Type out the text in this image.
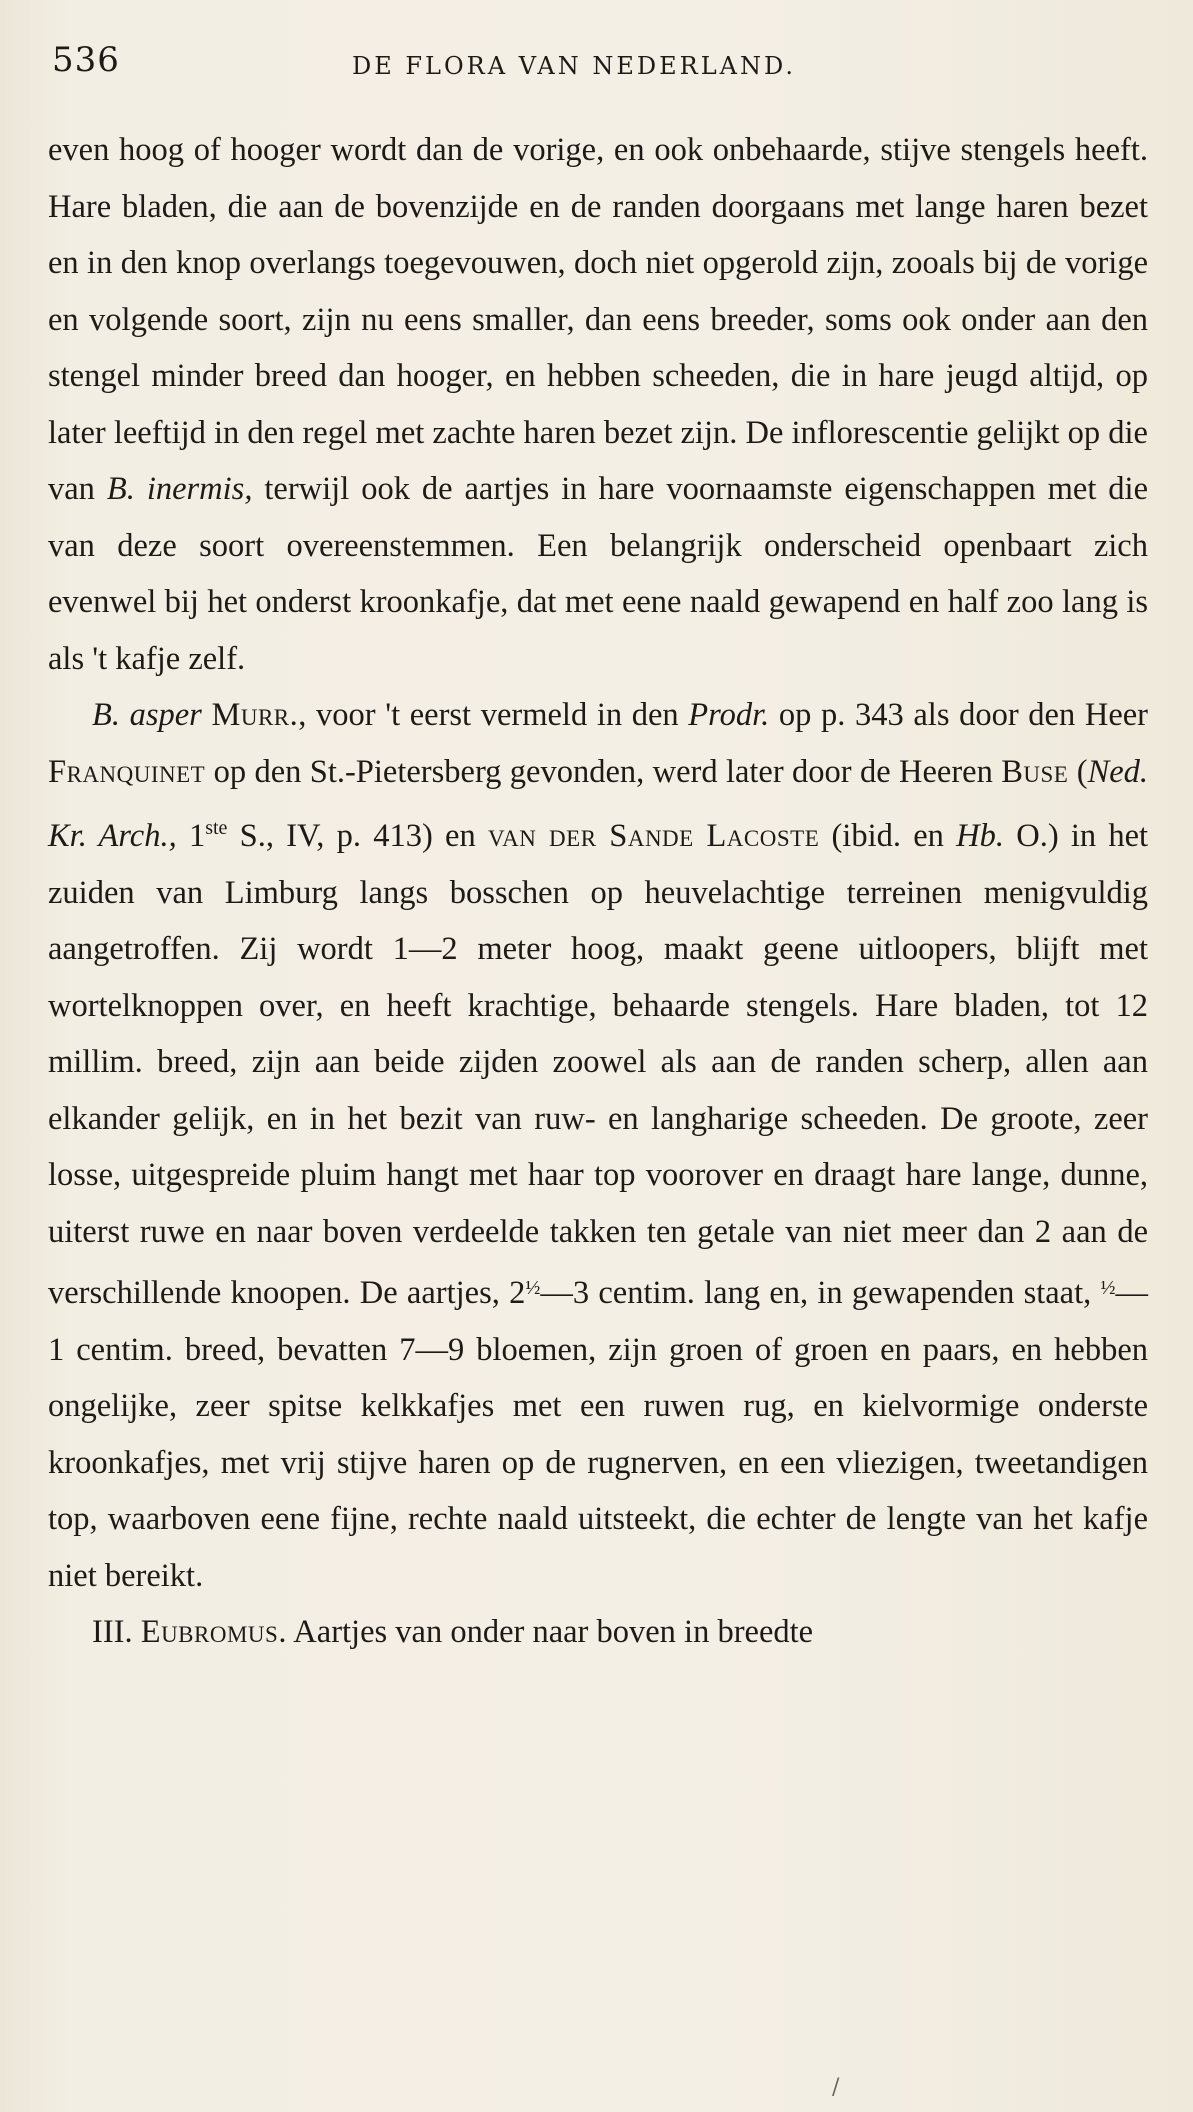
536	DE FLORA VAN NEDERLAND.

even hoog of hooger wordt dan de vorige, en ook onbehaarde, stijve stengels heeft. Hare bladen, die aan de bovenzijde en de randen doorgaans met lange haren bezet en in den knop overlangs toegevouwen, doch niet opgerold zijn, zooals bij de vorige en volgende soort, zijn nu eens smaller, dan eens breeder, soms ook onder aan den stengel minder breed dan hooger, en hebben scheeden, die in hare jeugd altijd, op later leeftijd in den regel met zachte haren bezet zijn. De inflorescentie gelijkt op die van B. inermis, terwijl ook de aartjes in hare voornaamste eigenschappen met die van deze soort overeenstemmen. Een belangrijk onderscheid openbaart zich evenwel bij het onderst kroonkafje, dat met eene naald gewapend en half zoo lang is als 't kafje zelf.

B. asper Murr., voor 't eerst vermeld in den Prodr. op p. 343 als door den Heer Franquinet op den St.-Pietersberg gevonden, werd later door de Heeren Buse (Ned. Kr. Arch., 1ste S., IV, p. 413) en van der Sande Lacoste (ibid. en Hb. O.) in het zuiden van Limburg langs bosschen op heuvelachtige terreinen menigvuldig aangetroffen. Zij wordt 1—2 meter hoog, maakt geene uitloopers, blijft met wortelknoppen over, en heeft krachtige, behaarde stengels. Hare bladen, tot 12 millim. breed, zijn aan beide zijden zoowel als aan de randen scherp, allen aan elkander gelijk, en in het bezit van ruw- en langharige scheeden. De groote, zeer losse, uitgespreide pluim hangt met haar top voorover en draagt hare lange, dunne, uiterst ruwe en naar boven verdeelde takken ten getale van niet meer dan 2 aan de verschillende knoopen. De aartjes, $2^{\frac{1}{2}}—3$ centim. lang en, in gewapenden staat, $^{\frac{1}{2}}$—1 centim. breed, bevatten 7—9 bloemen, zijn groen of groen en paars, en hebben ongelijke, zeer spitse kelkkafjes met een ruwen rug, en kielvormige onderste kroonkafjes, met vrij stijve haren op de rugnerven, en een vliezigen, tweetandigen top, waarboven eene fijne, rechte naald uitsteekt, die echter de lengte van het kafje niet bereikt.

III. Eubromus. Aartjes van onder naar boven in breedte

/
